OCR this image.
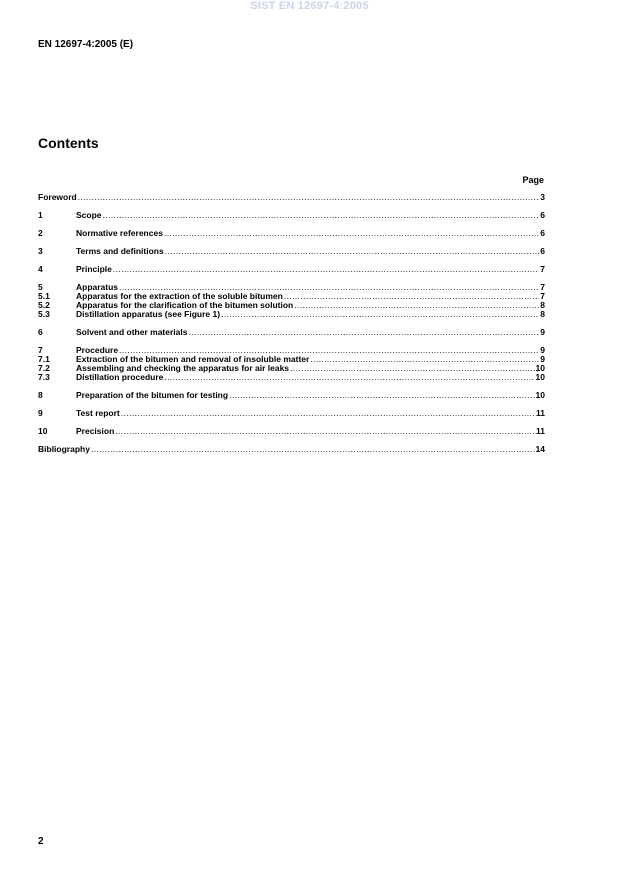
SIST EN 12697-4:2005
EN 12697-4:2005 (E)
Contents
Page
Foreword .....	3
1	Scope .....	6
2	Normative references .....	6
3	Terms and definitions .....	6
4	Principle .....	7
5	Apparatus .....	7
5.1	Apparatus for the extraction of the soluble bitumen .....	7
5.2	Apparatus for the clarification of the bitumen solution .....	8
5.3	Distillation apparatus (see Figure 1) .....	8
6	Solvent and other materials .....	9
7	Procedure .....	9
7.1	Extraction of the bitumen and removal of insoluble matter .....	9
7.2	Assembling and checking the apparatus for air leaks .....	10
7.3	Distillation procedure .....	10
8	Preparation of the bitumen for testing .....	10
9	Test report .....	11
10	Precision .....	11
Bibliography .....	14
2
